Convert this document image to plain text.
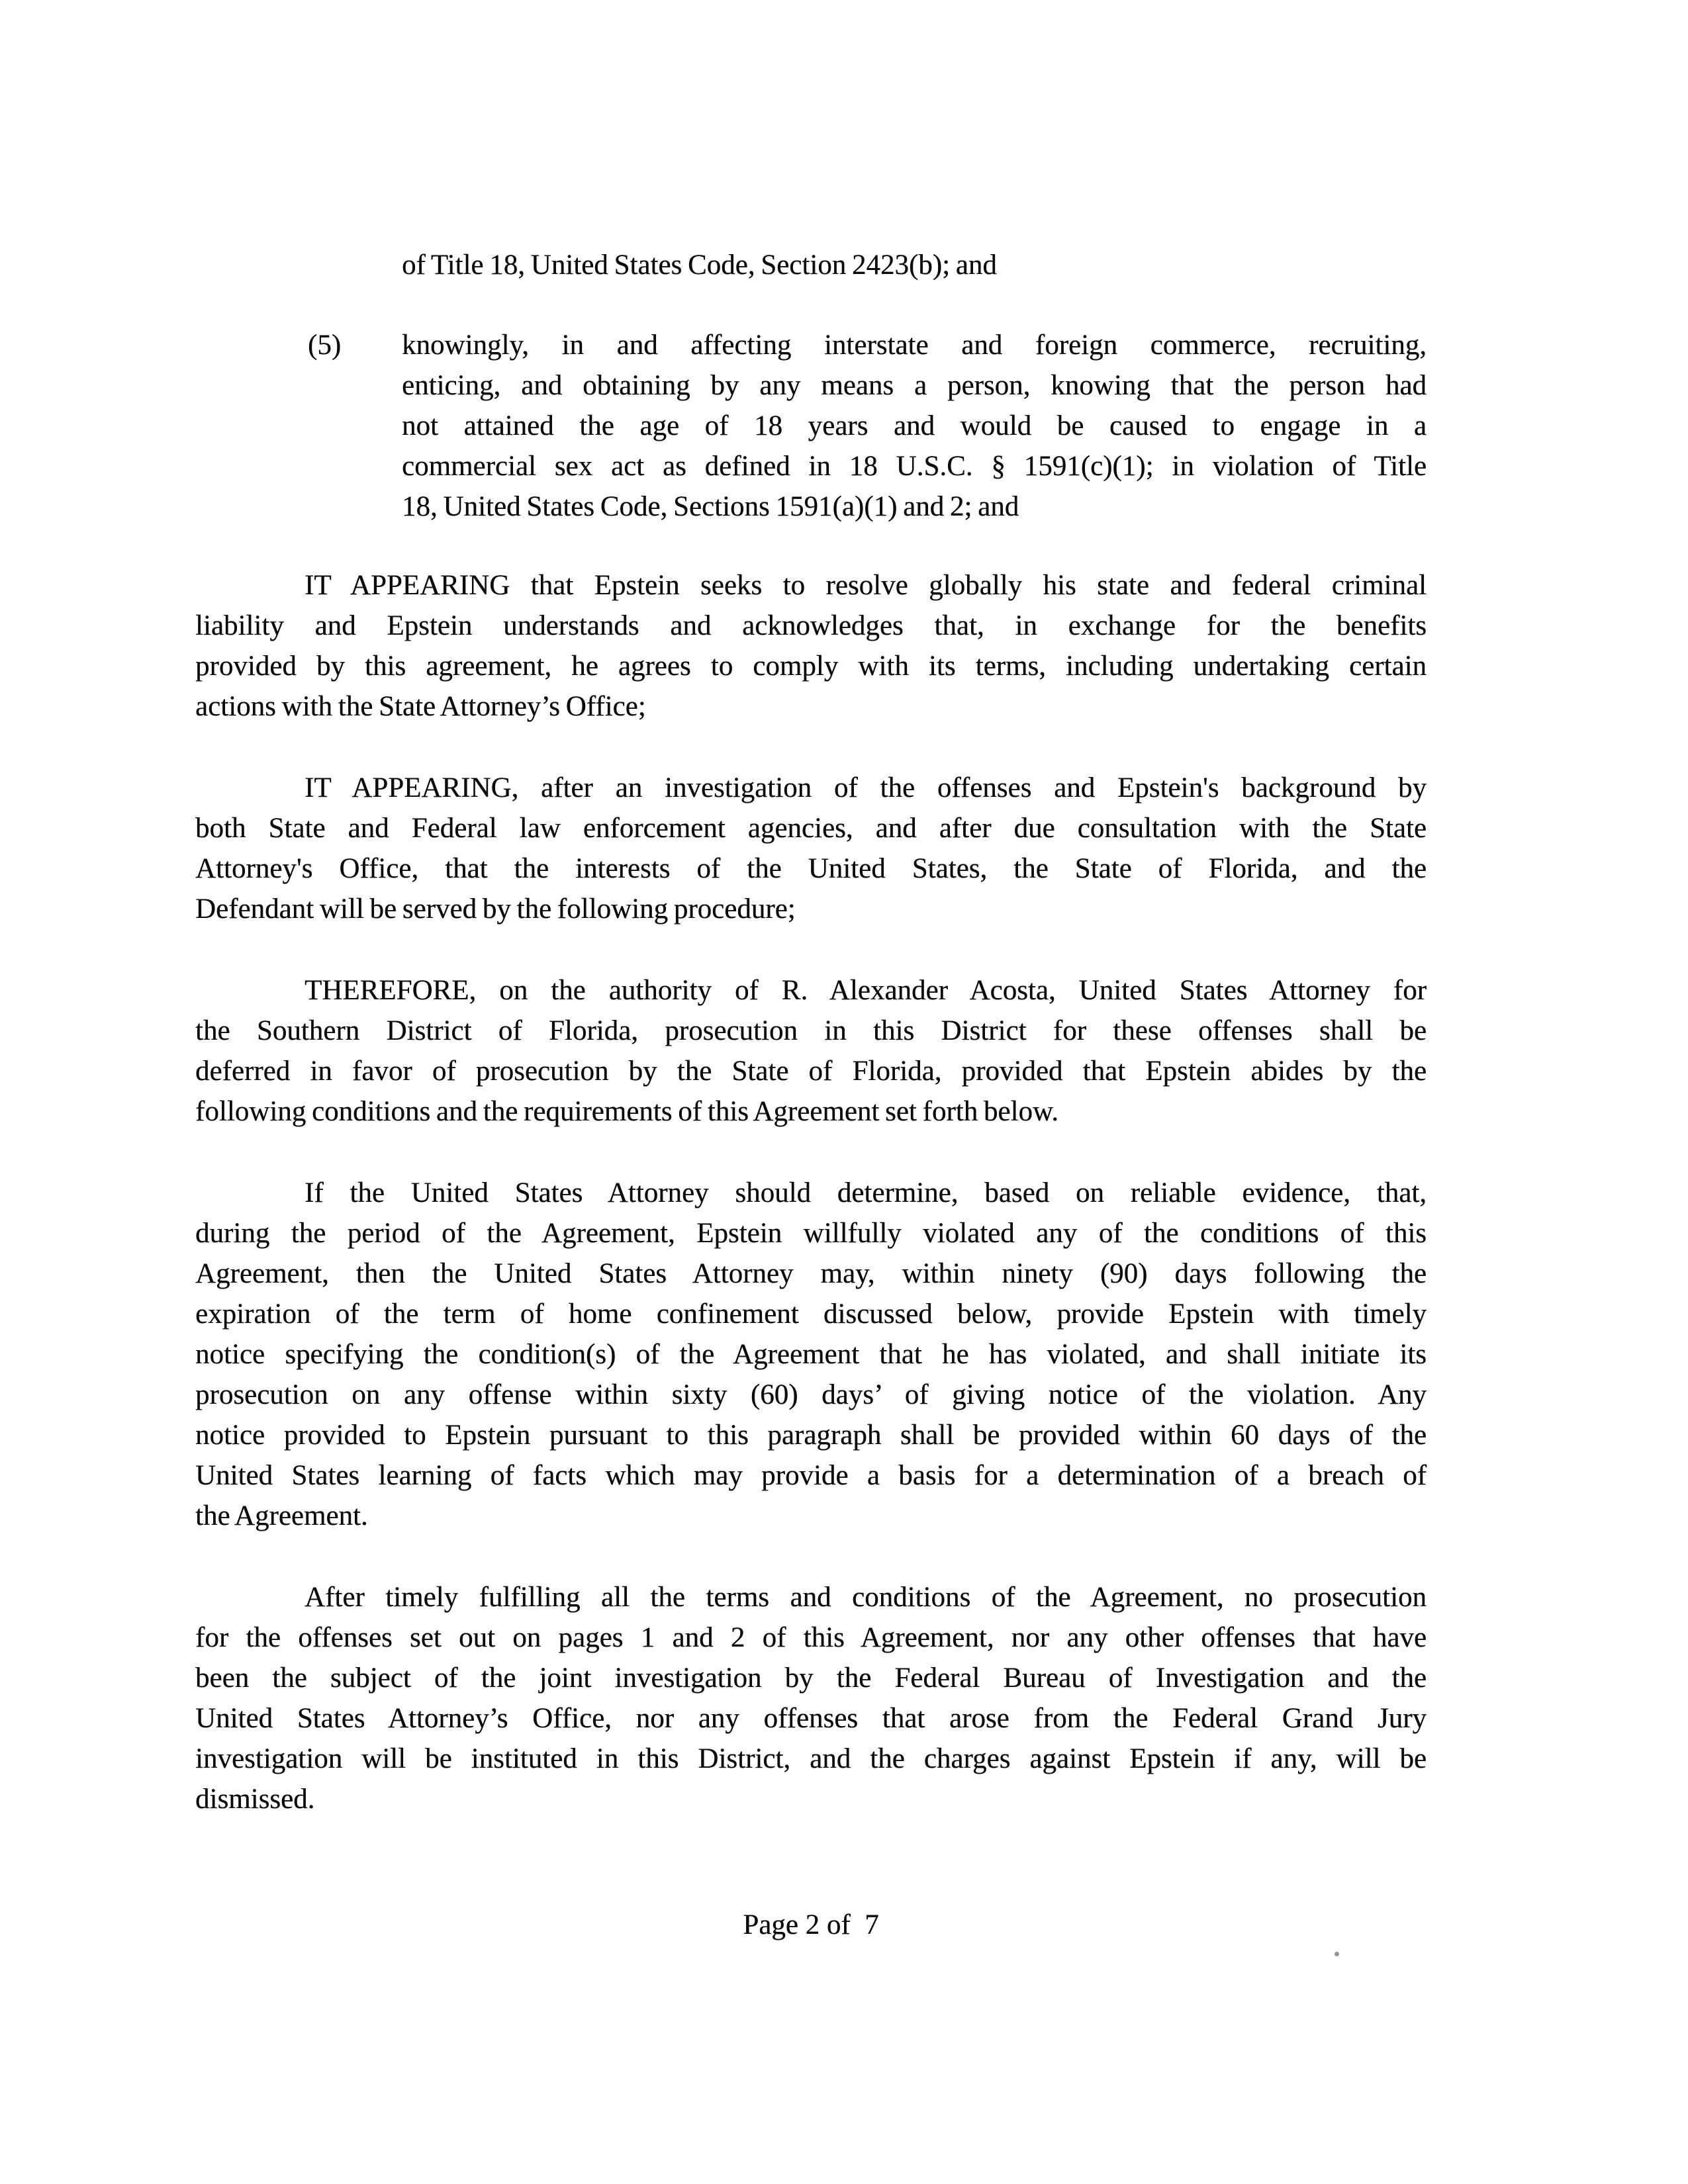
of Title 18, United States Code, Section 2423(b); and
(5) knowingly, in and affecting interstate and foreign commerce, recruiting,
enticing, and obtaining by any means a person, knowing that the person had
not attained the age of 18 years and would be caused to engage in a
commercial sex act as defined in 18 U.S.C. § 1591(c)(1); in violation of Title
18, United States Code, Sections 1591(a)(1) and 2; and
IT APPEARING that Epstein seeks to resolve globally his state and federal criminal
liability and Epstein understands and acknowledges that, in exchange for the benefits
provided by this agreement, he agrees to comply with its terms, including undertaking certain
actions with the State Attorney’s Office;
IT APPEARING, after an investigation of the offenses and Epstein's background by
both State and Federal law enforcement agencies, and after due consultation with the State
Attorney's Office, that the interests of the United States, the State of Florida, and the
Defendant will be served by the following procedure;
THEREFORE, on the authority of R. Alexander Acosta, United States Attorney for
the Southern District of Florida, prosecution in this District for these offenses shall be
deferred in favor of prosecution by the State of Florida, provided that Epstein abides by the
following conditions and the requirements of this Agreement set forth below.
If the United States Attorney should determine, based on reliable evidence, that,
during the period of the Agreement, Epstein willfully violated any of the conditions of this
Agreement, then the United States Attorney may, within ninety (90) days following the
expiration of the term of home confinement discussed below, provide Epstein with timely
notice specifying the condition(s) of the Agreement that he has violated, and shall initiate its
prosecution on any offense within sixty (60) days’ of giving notice of the violation. Any
notice provided to Epstein pursuant to this paragraph shall be provided within 60 days of the
United States learning of facts which may provide a basis for a determination of a breach of
the Agreement.
After timely fulfilling all the terms and conditions of the Agreement, no prosecution
for the offenses set out on pages 1 and 2 of this Agreement, nor any other offenses that have
been the subject of the joint investigation by the Federal Bureau of Investigation and the
United States Attorney’s Office, nor any offenses that arose from the Federal Grand Jury
investigation will be instituted in this District, and the charges against Epstein if any, will be
dismissed.
Page 2 of  7
